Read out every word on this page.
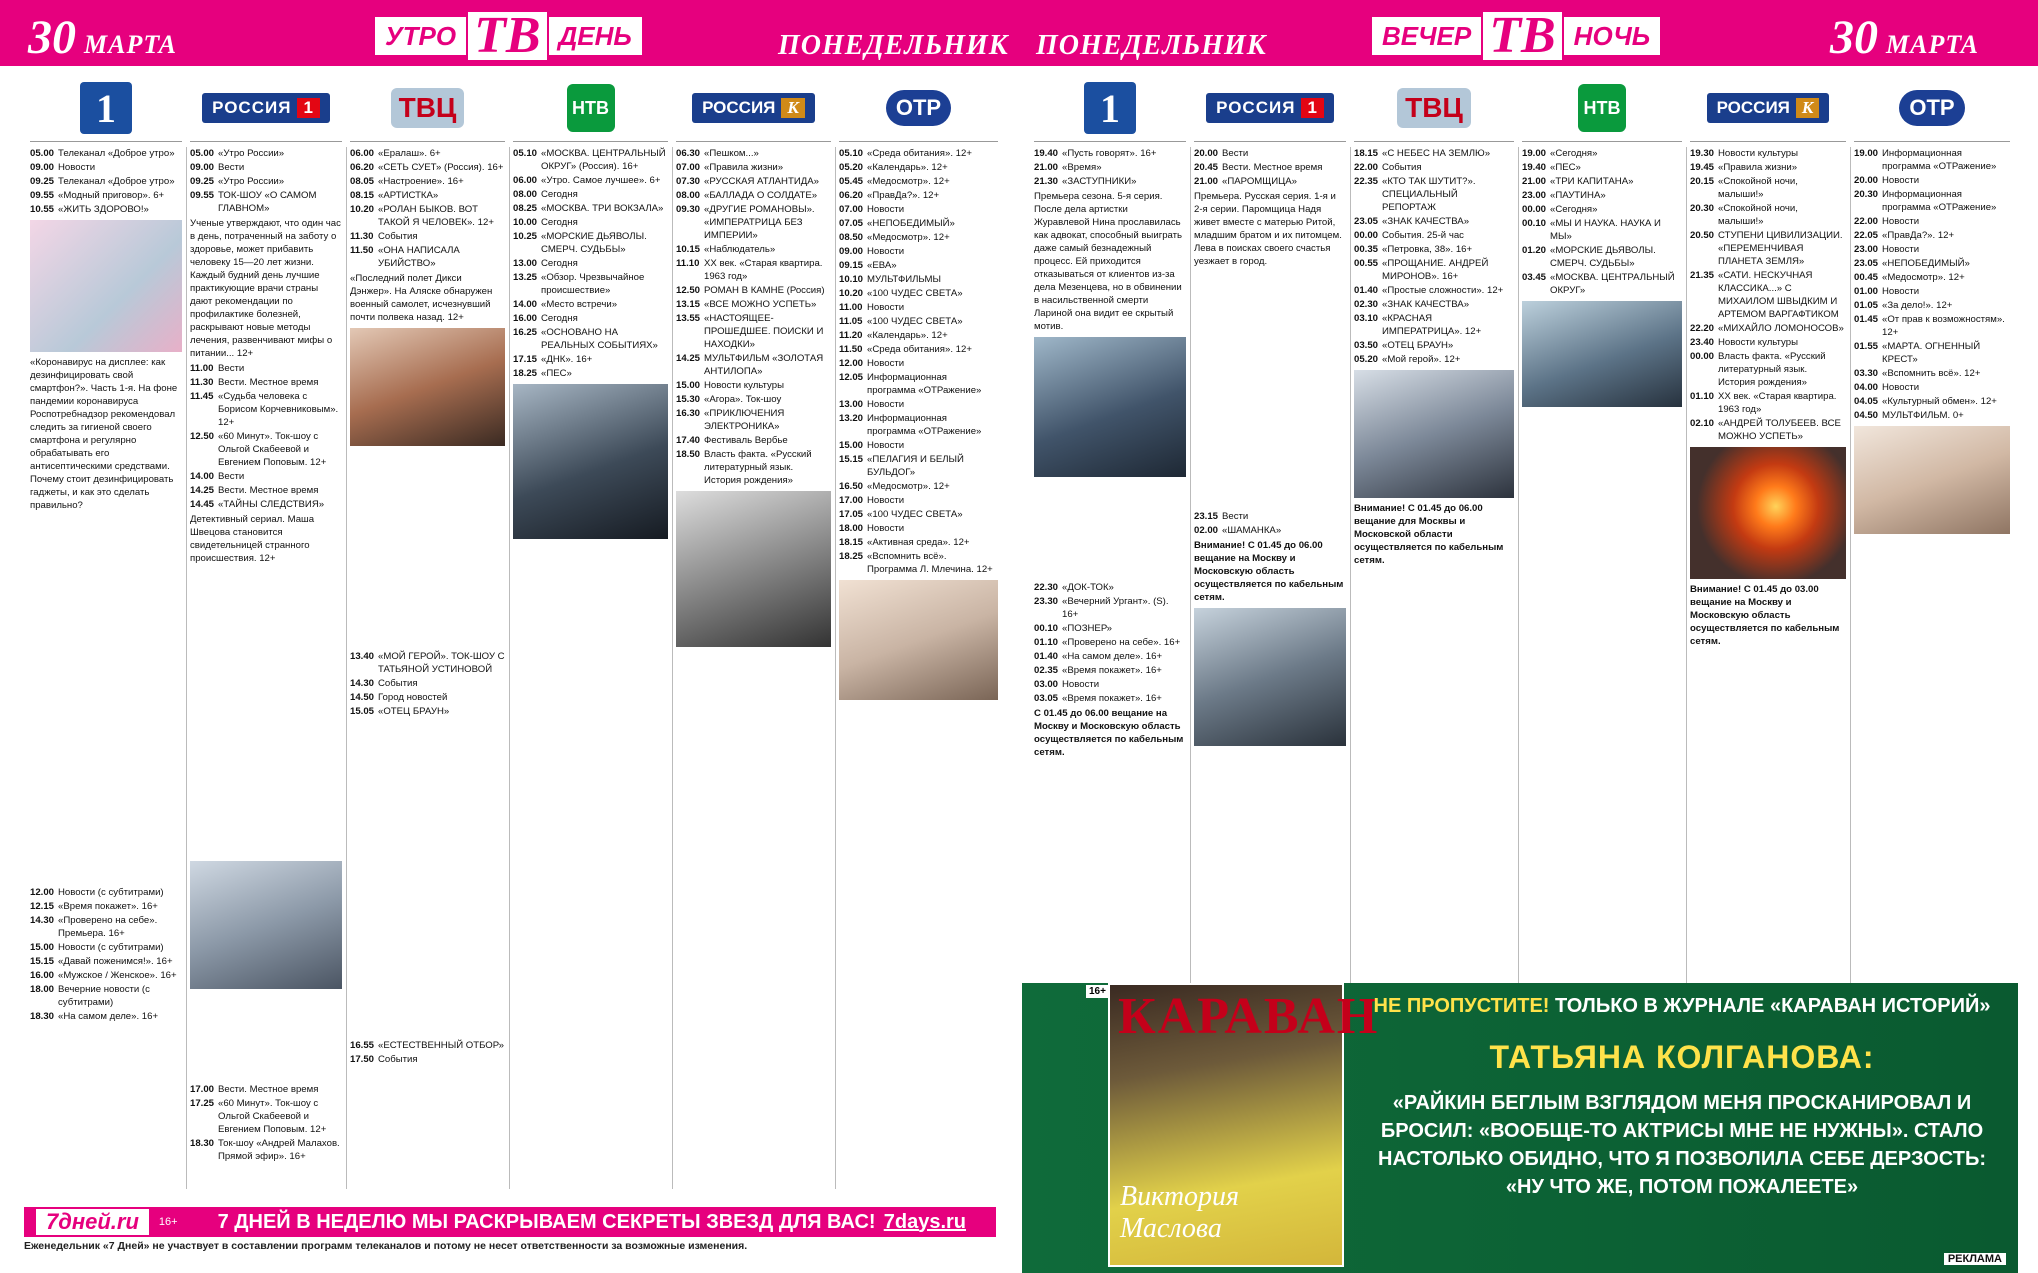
30 МАРТА	УТРО ТВ ДЕНЬ	ПОНЕДЕЛЬНИК ПОНЕДЕЛЬНИК	ВЕЧЕР ТВ НОЧЬ	30 МАРТА
1	РОССИЯ 1	ТВЦ	НТВ	РОССИЯ К	ОТР
05.00 Телеканал «Доброе утро»
09.00 Новости
09.25 Телеканал «Доброе утро»
09.55 «Модный приговор». 6+
10.55 «ЖИТЬ ЗДОРОВО!»
«Коронавирус на дисплее: как дезинфицировать свой смартфон?». Часть 1-я. На фоне пандемии коронавируса Роспотребнадзор рекомендовал следить за гигиеной своего смартфона и регулярно обрабатывать его антисептическими средствами. Почему стоит дезинфицировать гаджеты, и как это сделать правильно?
12.00 Новости (с субтитрами)
12.15 «Время покажет». 16+
14.30 «Проверено на себе». Премьера. 16+
15.00 Новости (с субтитрами)
15.15 «Давай поженимся!». 16+
16.00 «Мужское / Женское». 16+
18.00 Вечерние новости (с субтитрами)
18.30 «На самом деле». 16+
05.00 «Утро России»
09.00 Вести
09.25 «Утро России»
09.55 ТОК-ШОУ «О САМОМ ГЛАВНОМ»
Ученые утверждают, что один час в день, потраченный на заботу о здоровье, может прибавить человеку 15—20 лет жизни. Каждый будний день лучшие практикующие врачи страны дают рекомендации по профилактике болезней, раскрывают новые методы лечения, развенчивают мифы о питании... 12+
11.00 Вести
11.30 Вести. Местное время
11.45 «Судьба человека с Борисом Корчевниковым». 12+
12.50 «60 Минут». Ток-шоу с Ольгой Скабеевой и Евгением Поповым. 12+
14.00 Вести
14.25 Вести. Местное время
14.45 «ТАЙНЫ СЛЕДСТВИЯ»
Детективный сериал. Маша Швецова становится свидетельницей странного происшествия. 12+
17.00 Вести. Местное время
17.25 «60 Минут». Ток-шоу с Ольгой Скабеевой и Евгением Поповым. 12+
18.30 Ток-шоу «Андрей Малахов. Прямой эфир». 16+
06.00 «Ералаш». 6+
06.20 «СЕТЬ СУЕТ» (Россия). 16+
08.05 «Настроение». 16+
08.15 «АРТИСТКА»
10.20 «РОЛАН БЫКОВ. ВОТ ТАКОЙ Я ЧЕЛОВЕК». 12+
11.30 События
11.50 «ОНА НАПИСАЛА УБИЙСТВО»
«Последний полет Дикси Дэнжер». На Аляске обнаружен военный самолет, исчезнувший почти полвека назад. 12+
13.40 «МОЙ ГЕРОЙ». ТОК-ШОУ С ТАТЬЯНОЙ УСТИНОВОЙ
14.30 События
14.50 Город новостей
15.05 «ОТЕЦ БРАУН»
16.55 «ЕСТЕСТВЕННЫЙ ОТБОР»
17.50 События
05.10 «МОСКВА. ЦЕНТРАЛЬНЫЙ ОКРУГ» (Россия). 16+
06.00 «Утро. Самое лучшее». 6+
08.00 Сегодня
08.25 «МОСКВА. ТРИ ВОКЗАЛА»
10.00 Сегодня
10.25 «МОРСКИЕ ДЬЯВОЛЫ. СМЕРЧ. СУДЬБЫ»
13.00 Сегодня
13.25 «Обзор. Чрезвычайное происшествие»
14.00 «Место встречи»
16.00 Сегодня
16.25 «ОСНОВАНО НА РЕАЛЬНЫХ СОБЫТИЯХ»
17.15 «ДНК». 16+
18.25 «ПЕС»
06.30 «Пешком...»
07.00 «Правила жизни»
07.30 «РУССКАЯ АТЛАНТИДА»
08.00 «БАЛЛАДА О СОЛДАТЕ»
09.30 «ДРУГИЕ РОМАНОВЫ». «ИМПЕРАТРИЦА БЕЗ ИМПЕРИИ»
10.15 «Наблюдатель»
11.10 ХХ век. «Старая квартира. 1963 год»
12.50 РОМАН В КАМНЕ (Россия)
13.15 «ВСЕ МОЖНО УСПЕТЬ»
13.55 «НАСТОЯЩЕЕ-ПРОШЕДШЕЕ. ПОИСКИ И НАХОДКИ»
14.25 МУЛЬТФИЛЬМ «ЗОЛОТАЯ АНТИЛОПА»
15.00 Новости культуры
15.30 «Агора». Ток-шоу
16.30 «ПРИКЛЮЧЕНИЯ ЭЛЕКТРОНИКА»
17.40 Фестиваль Вербье
18.50 Власть факта. «Русский литературный язык. История рождения»
05.10 «Среда обитания». 12+
05.20 «Календарь». 12+
05.45 «Медосмотр». 12+
06.20 «ПравДа?». 12+
07.00 Новости
07.05 «НЕПОБЕДИМЫЙ»
08.50 «Медосмотр». 12+
09.00 Новости
09.15 «ЕВА»
10.10 МУЛЬТФИЛЬМЫ
10.20 «100 ЧУДЕС СВЕТА»
11.00 Новости
11.05 «100 ЧУДЕС СВЕТА»
11.20 «Календарь». 12+
11.50 «Среда обитания». 12+
12.00 Новости
12.05 Информационная программа «ОТРажение»
13.00 Новости
13.20 Информационная программа «ОТРажение»
15.00 Новости
15.15 «ПЕЛАГИЯ И БЕЛЫЙ БУЛЬДОГ»
16.50 «Медосмотр». 12+
17.00 Новости
17.05 «100 ЧУДЕС СВЕТА»
18.00 Новости
18.15 «Активная среда». 12+
18.25 «Вспомнить всё». Программа Л. Млечина. 12+
1	РОССИЯ 1	ТВЦ	НТВ	РОССИЯ К	ОТР
19.40 «Пусть говорят». 16+
21.00 «Время»
21.30 «ЗАСТУПНИКИ»
Премьера сезона. 5-я серия. После дела артистки Журавлевой Нина прославилась как адвокат, способный выиграть даже самый безнадежный процесс. Ей приходится отказываться от клиентов из-за дела Мезенцева, но в обвинении в насильственной смерти Лариной она видит ее скрытый мотив.
22.30 «ДОК-ТОК»
23.30 «Вечерний Ургант». (S). 16+
00.10 «ПОЗНЕР»
01.10 «Проверено на себе». 16+
01.40 «На самом деле». 16+
02.35 «Время покажет». 16+
03.00 Новости
03.05 «Время покажет». 16+
С 01.45 до 06.00 вещание на Москву и Московскую область осуществляется по кабельным сетям.
20.00 Вести
20.45 Вести. Местное время
21.00 «ПАРОМЩИЦА»
Премьера. Русская серия. 1-я и 2-я серии. Паромщица Надя живет вместе с матерью Ритой, младшим братом и их питомцем. Лева в поисках своего счастья уезжает в город.
23.15 Вести
02.00 «ШАМАНКА»
Внимание! С 01.45 до 06.00 вещание на Москву и Московскую область осуществляется по кабельным сетям.
18.15 «С НЕБЕС НА ЗЕМЛЮ»
22.00 События
22.35 «КТО ТАК ШУТИТ?». СПЕЦИАЛЬНЫЙ РЕПОРТАЖ
23.05 «ЗНАК КАЧЕСТВА»
00.00 События. 25-й час
00.35 «Петровка, 38». 16+
00.55 «ПРОЩАНИЕ. АНДРЕЙ МИРОНОВ». 16+
01.40 «Простые сложности». 12+
02.30 «ЗНАК КАЧЕСТВА»
03.10 «КРАСНАЯ ИМПЕРАТРИЦА». 12+
03.50 «ОТЕЦ БРАУН»
05.20 «Мой герой». 12+
Внимание! С 01.45 до 06.00 вещание для Москвы и Московской области осуществляется по кабельным сетям.
19.00 «Сегодня»
19.40 «ПЕС»
21.00 «ТРИ КАПИТАНА»
23.00 «ПАУТИНА»
00.00 «Сегодня»
00.10 «МЫ И НАУКА. НАУКА И МЫ»
01.20 «МОРСКИЕ ДЬЯВОЛЫ. СМЕРЧ. СУДЬБЫ»
03.45 «МОСКВА. ЦЕНТРАЛЬНЫЙ ОКРУГ»
19.30 Новости культуры
19.45 «Правила жизни»
20.15 «Спокойной ночи, малыши!»
20.30 «Спокойной ночи, малыши!»
20.50 СТУПЕНИ ЦИВИЛИЗАЦИИ. «ПЕРЕМЕНЧИВАЯ ПЛАНЕТА ЗЕМЛЯ»
21.35 «САТИ. НЕСКУЧНАЯ КЛАССИКА...» С МИХАИЛОМ ШВЫДКИМ И АРТЕМОМ ВАРГАФТИКОМ
22.20 «МИХАЙЛО ЛОМОНОСОВ»
23.40 Новости культуры
00.00 Власть факта. «Русский литературный язык. История рождения»
01.10 ХХ век. «Старая квартира. 1963 год»
02.10 «АНДРЕЙ ТОЛУБЕЕВ. ВСЕ МОЖНО УСПЕТЬ»
Внимание! С 01.45 до 03.00 вещание на Москву и Московскую область осуществляется по кабельным сетям.
19.00 Информационная программа «ОТРажение»
20.00 Новости
20.30 Информационная программа «ОТРажение»
22.00 Новости
22.05 «ПравДа?». 12+
23.00 Новости
23.05 «НЕПОБЕДИМЫЙ»
00.45 «Медосмотр». 12+
01.00 Новости
01.05 «За дело!». 12+
01.45 «От прав к возможностям». 12+
01.55 «МАРТА. ОГНЕННЫЙ КРЕСТ»
03.30 «Вспомнить всё». 12+
04.00 Новости
04.05 «Культурный обмен». 12+
04.50 МУЛЬТФИЛЬМ. 0+
7дней.ru	16+ 7 ДНЕЙ В НЕДЕЛЮ МЫ РАСКРЫВАЕМ СЕКРЕТЫ ЗВЕЗД ДЛЯ ВАС! 7days.ru
Еженедельник «7 Дней» не участвует в составлении программ телеканалов и потому не несет ответственности за возможные изменения.
16+ КАРАВАН
Виктория Маслова
НЕ ПРОПУСТИТЕ! ТОЛЬКО В ЖУРНАЛЕ «КАРАВАН ИСТОРИЙ»
ТАТЬЯНА КОЛГАНОВА:
«РАЙКИН БЕГЛЫМ ВЗГЛЯДОМ МЕНЯ ПРОСКАНИРОВАЛ И БРОСИЛ: «ВООБЩЕ-ТО АКТРИСЫ МНЕ НЕ НУЖНЫ». СТАЛО НАСТОЛЬКО ОБИДНО, ЧТО Я ПОЗВОЛИЛА СЕБЕ ДЕРЗОСТЬ: «НУ ЧТО ЖЕ, ПОТОМ ПОЖАЛЕЕТЕ»
РЕКЛАМА
